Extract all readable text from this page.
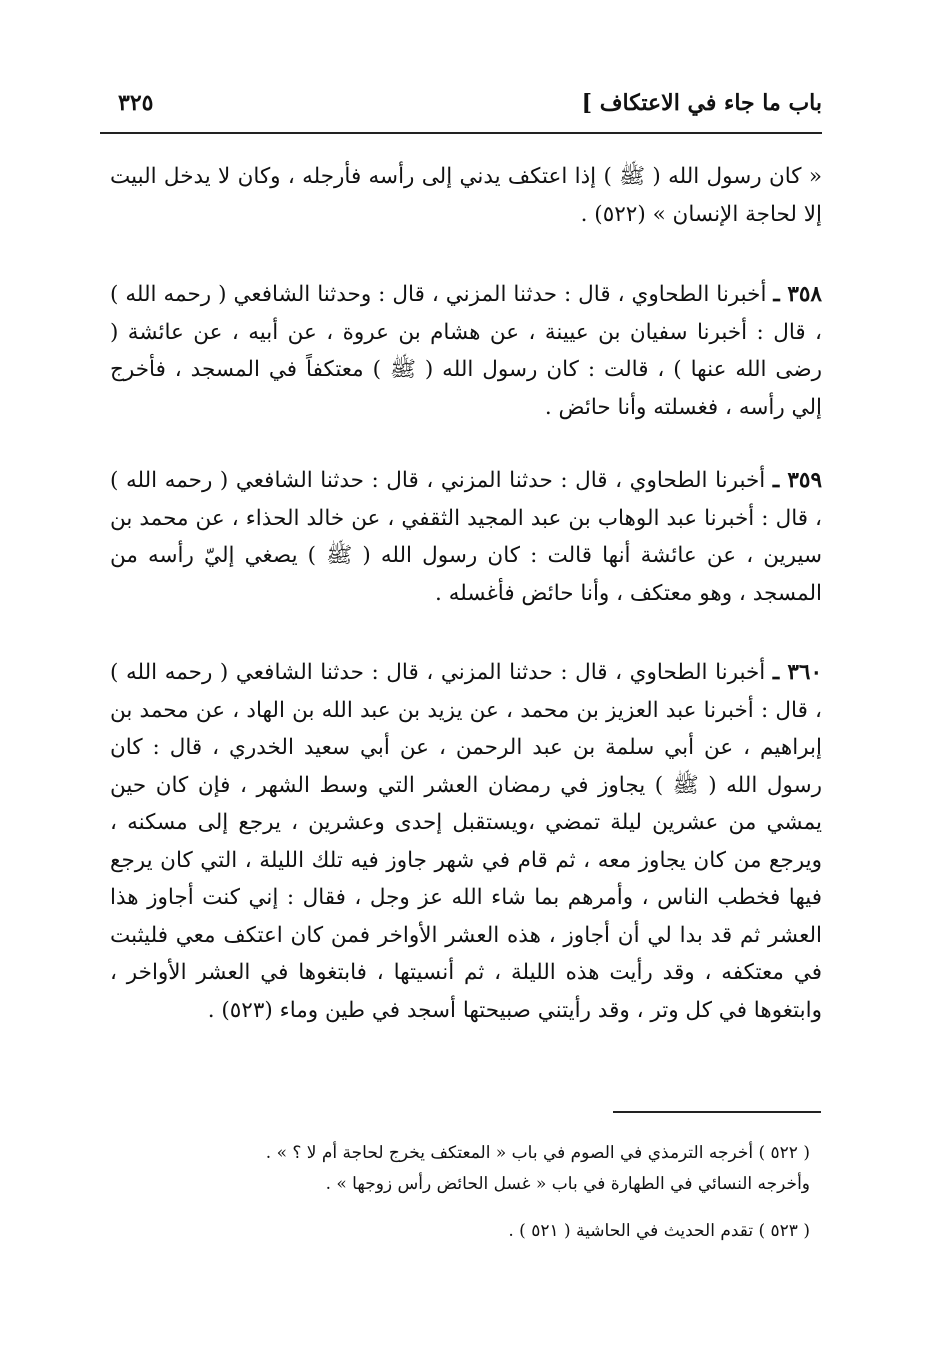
باب ما جاء في الاعتكاف ]
٣٢٥

« كان رسول الله ( ﷺ ) إذا اعتكف يدني إلى رأسه فأرجله ، وكان لا يدخل البيت إلا لحاجة الإنسان » (٥٢٢) .

٣٥٨ ـ أخبرنا الطحاوي ، قال : حدثنا المزني ، قال : وحدثنا الشافعي ( رحمه الله ) ، قال : أخبرنا سفيان بن عيينة ، عن هشام بن عروة ، عن أبيه ، عن عائشة ( رضى الله عنها ) ، قالت : كان رسول الله ( ﷺ ) معتكفاً في المسجد ، فأخرج إلي رأسه ، فغسلته وأنا حائض .

٣٥٩ ـ أخبرنا الطحاوي ، قال : حدثنا المزني ، قال : حدثنا الشافعي ( رحمه الله ) ، قال : أخبرنا عبد الوهاب بن عبد المجيد الثقفي ، عن خالد الحذاء ، عن محمد بن سيرين ، عن عائشة أنها قالت : كان رسول الله ( ﷺ ) يصغي إليّ رأسه من المسجد ، وهو معتكف ، وأنا حائض فأغسله .

٣٦٠ ـ أخبرنا الطحاوي ، قال : حدثنا المزني ، قال : حدثنا الشافعي ( رحمه الله ) ، قال : أخبرنا عبد العزيز بن محمد ، عن يزيد بن عبد الله بن الهاد ، عن محمد بن إبراهيم ، عن أبي سلمة بن عبد الرحمن ، عن أبي سعيد الخدري ، قال : كان رسول الله ( ﷺ ) يجاوز في رمضان العشر التي وسط الشهر ، فإن كان حين يمشي من عشرين ليلة تمضي ،ويستقبل إحدى وعشرين ، يرجع إلى مسكنه ، ويرجع من كان يجاوز معه ، ثم قام في شهر جاوز فيه تلك الليلة ، التي كان يرجع فيها فخطب الناس ، وأمرهم بما شاء الله عز وجل ، فقال : إني كنت أجاوز هذا العشر ثم قد بدا لي أن أجاوز ، هذه العشر الأواخر فمن كان اعتكف معي فليثبت في معتكفه ، وقد رأيت هذه الليلة ، ثم أنسيتها ، فابتغوها في العشر الأواخر ، وابتغوها في كل وتر ، وقد رأيتني صبيحتها أسجد في طين وماء (٥٢٣) .

( ٥٢٢ ) أخرجه الترمذي في الصوم في باب « المعتكف يخرج لحاجة أم لا ؟ » .

وأخرجه النسائي في الطهارة في باب « غسل الحائض رأس زوجها » .

( ٥٢٣ ) تقدم الحديث في الحاشية ( ٥٢١ ) .
